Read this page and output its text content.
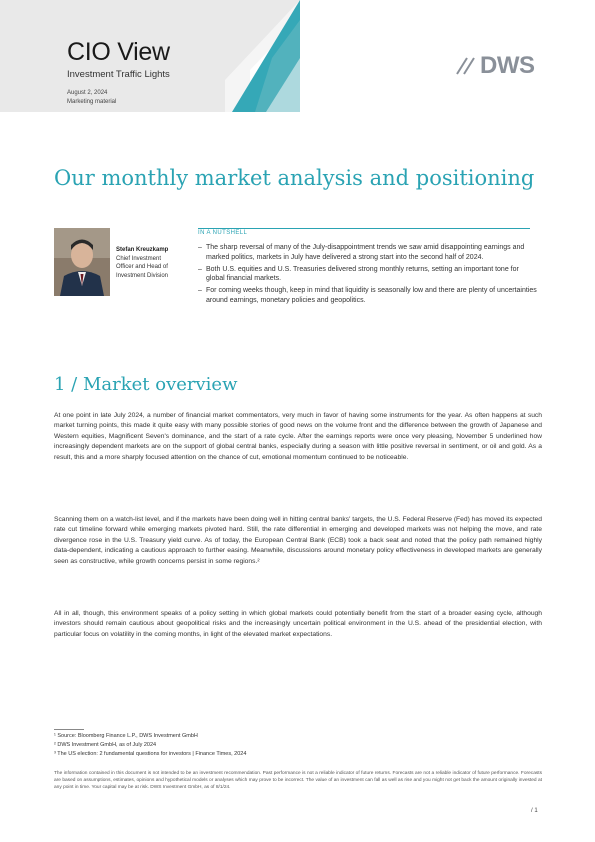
CIO View
Investment Traffic Lights
August 2, 2024
Marketing material
DWS
Our monthly market analysis and positioning
IN A NUTSHELL
Stefan Kreuzkamp
Chief Investment
Officer and Head of
Investment Division
– The sharp reversal of many of the July-disappointment trends we saw amid disappointing earnings and marked politics, markets in July have delivered a strong start into the second half of 2024.
– Both U.S. equities and U.S. Treasuries delivered strong monthly returns, setting an important tone for global financial markets.
– For coming weeks though, keep in mind that liquidity is seasonally low and there are plenty of uncertainties around earnings, monetary policies and geopolitics.
1 / Market overview

At one point in late July 2024, a number of financial market commentators, very much in favor of having some instruments for the year. As often happens at such market turning points, this made it quite easy with many possible stories of good news on the volume front and the difference between the growth of Japanese and Western equities, Magnificent Seven's dominance, and the start of a rate cycle. After the earnings reports were once very pleasing, November 5 underlined how increasingly dependent markets are on the support of global central banks, especially during a season with little positive reversal in sentiment, or oil and gold. As a result, this and a more sharply focused attention on the chance of cut, emotional momentum continued to be noticeable.

Scanning them on a watch-list level, and if the markets have been doing well in hitting central banks' targets, the U.S. Federal Reserve (Fed) has moved its expected rate cut timeline forward while emerging markets pivoted hard. Still, the rate differential in emerging and developed markets was not helping the move, and rate divergence rose in the U.S. Treasury yield curve. As of today, the European Central Bank (ECB) took a back seat and noted that the policy path remained highly data-dependent, indicating a cautious approach to further easing. Meanwhile, discussions around monetary policy effectiveness in developed markets are generally seen as constructive, while growth concerns persist in some regions.²

All in all, though, this environment speaks of a policy setting in which global markets could potentially benefit from the start of a broader easing cycle, although investors should remain cautious about geopolitical risks and the increasingly uncertain political environment in the U.S. ahead of the presidential election, with particular focus on volatility in the coming months, in light of the elevated market expectations.

¹ Source: Bloomberg Finance L.P., DWS Investment GmbH
² DWS Investment GmbH, as of July 2024
³ The US election: 2 fundamental questions for investors | Finance Times, 2024

The information contained in this document is not intended to be an investment recommendation. Past performance is not a reliable indicator of future returns. Forecasts are not a reliable indicator of future performance. Forecasts are based on assumptions, estimates, opinions and hypothetical models or analyses which may prove to be incorrect. The value of an investment can fall as well as rise and you might not get back the amount originally invested at any point in time. Your capital may be at risk. DWS Investment GmbH, as of 8/1/24.

/ 1
